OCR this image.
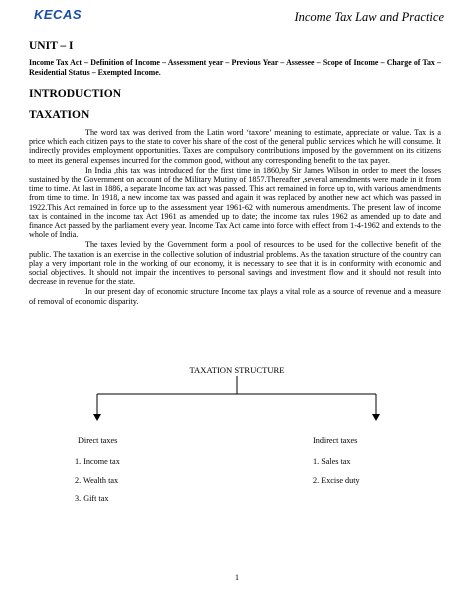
KECAS	Income Tax Law and Practice
UNIT – I
Income Tax Act – Definition of Income – Assessment year – Previous Year – Assessee – Scope of Income – Charge of Tax – Residential Status – Exempted Income.
INTRODUCTION
TAXATION

The word tax was derived from the Latin word ‘taxore’ meaning to estimate, appreciate or value. Tax is a price which each citizen pays to the state to cover his share of the cost of the general public services which he will consume. It indirectly provides employment opportunities. Taxes are compulsory contributions imposed by the government on its citizens to meet its general expenses incurred for the common good, without any corresponding benefit to the tax payer.

In India ,this tax was introduced for the first time in 1860,by Sir James Wilson in order to meet the losses sustained by the Government on account of the Military Mutiny of 1857.Thereafter ,several amendments were made in it from time to time. At last in 1886, a separate Income tax act was passed. This act remained in force up to, with various amendments from time to time. In 1918, a new income tax was passed and again it was replaced by another new act which was passed in 1922.This Act remained in force up to the assessment year 1961-62 with numerous amendments. The present law of income tax is contained in the income tax Act 1961 as amended up to date; the income tax rules 1962 as amended up to date and finance Act passed by the parliament every year. Income Tax Act came into force with effect from 1-4-1962 and extends to the whole of India.

The taxes levied by the Government form a pool of resources to be used for the collective benefit of the public. The taxation is an exercise in the collective solution of industrial problems. As the taxation structure of the country can play a very important role in the working of our economy, it is necessary to see that it is in conformity with economic and social objectives. It should not impair the incentives to personal savings and investment flow and it should not result into decrease in revenue for the state.

In our present day of economic structure Income tax plays a vital role as a source of revenue and a measure of removal of economic disparity.

TAXATION STRUCTURE
Direct taxes
1. Income tax
2. Wealth tax
3. Gift tax
Indirect taxes
1. Sales tax
2. Excise duty
1
